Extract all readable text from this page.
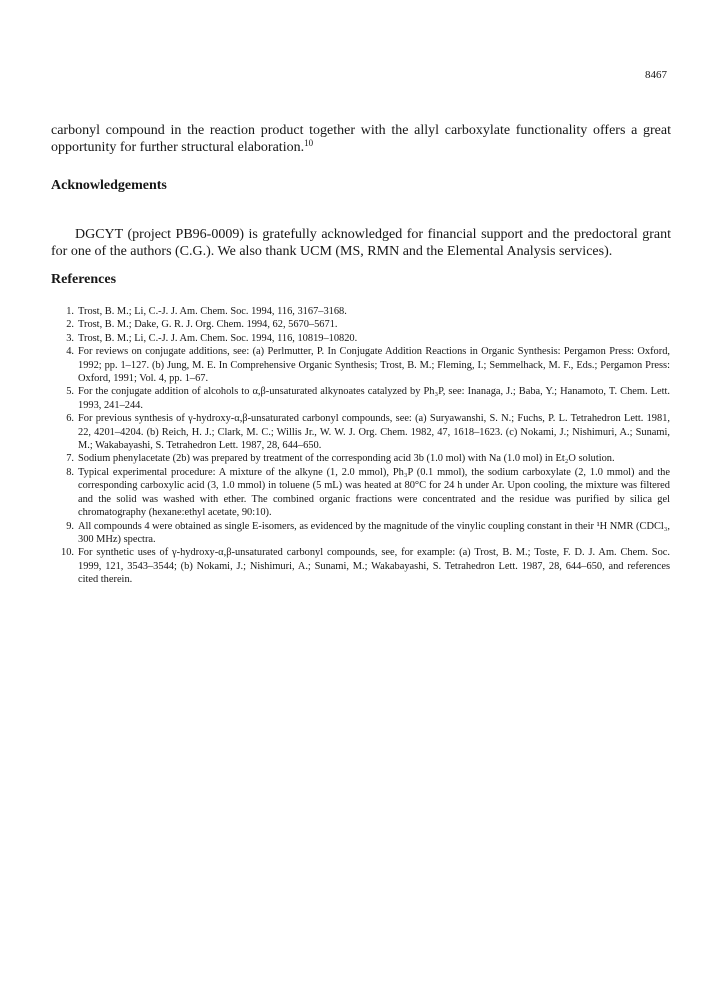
8467

carbonyl compound in the reaction product together with the allyl carboxylate functionality offers a great opportunity for further structural elaboration.$^{10}$

Acknowledgements

DGCYT (project PB96-0009) is gratefully acknowledged for financial support and the predoctoral grant for one of the authors (C.G.). We also thank UCM (MS, RMN and the Elemental Analysis services).

References
1. Trost, B. M.; Li, C.-J. J. Am. Chem. Soc. 1994, 116, 3167–3168.
2. Trost, B. M.; Dake, G. R. J. Org. Chem. 1994, 62, 5670–5671.
3. Trost, B. M.; Li, C.-J. J. Am. Chem. Soc. 1994, 116, 10819–10820.
4. For reviews on conjugate additions, see: (a) Perlmutter, P. In Conjugate Addition Reactions in Organic Synthesis: Pergamon Press: Oxford, 1992; pp. 1–127. (b) Jung, M. E. In Comprehensive Organic Synthesis; Trost, B. M.; Fleming, I.; Semmelhack, M. F., Eds.; Pergamon Press: Oxford, 1991; Vol. 4, pp. 1–67.
5. For the conjugate addition of alcohols to α,β-unsaturated alkynoates catalyzed by Ph₃P, see: Inanaga, J.; Baba, Y.; Hanamoto, T. Chem. Lett. 1993, 241–244.
6. For previous synthesis of γ-hydroxy-α,β-unsaturated carbonyl compounds, see: (a) Suryawanshi, S. N.; Fuchs, P. L. Tetrahedron Lett. 1981, 22, 4201–4204. (b) Reich, H. J.; Clark, M. C.; Willis Jr., W. W. J. Org. Chem. 1982, 47, 1618–1623. (c) Nokami, J.; Nishimuri, A.; Sunami, M.; Wakabayashi, S. Tetrahedron Lett. 1987, 28, 644–650.
7. Sodium phenylacetate (2b) was prepared by treatment of the corresponding acid 3b (1.0 mol) with Na (1.0 mol) in Et₂O solution.
8. Typical experimental procedure: A mixture of the alkyne (1, 2.0 mmol), Ph₃P (0.1 mmol), the sodium carboxylate (2, 1.0 mmol) and the corresponding carboxylic acid (3, 1.0 mmol) in toluene (5 mL) was heated at 80°C for 24 h under Ar. Upon cooling, the mixture was filtered and the solid was washed with ether. The combined organic fractions were concentrated and the residue was purified by silica gel chromatography (hexane:ethyl acetate, 90:10).
9. All compounds 4 were obtained as single E-isomers, as evidenced by the magnitude of the vinylic coupling constant in their ¹H NMR (CDCl₃, 300 MHz) spectra.
10. For synthetic uses of γ-hydroxy-α,β-unsaturated carbonyl compounds, see, for example: (a) Trost, B. M.; Toste, F. D. J. Am. Chem. Soc. 1999, 121, 3543–3544; (b) Nokami, J.; Nishimuri, A.; Sunami, M.; Wakabayashi, S. Tetrahedron Lett. 1987, 28, 644–650, and references cited therein.
